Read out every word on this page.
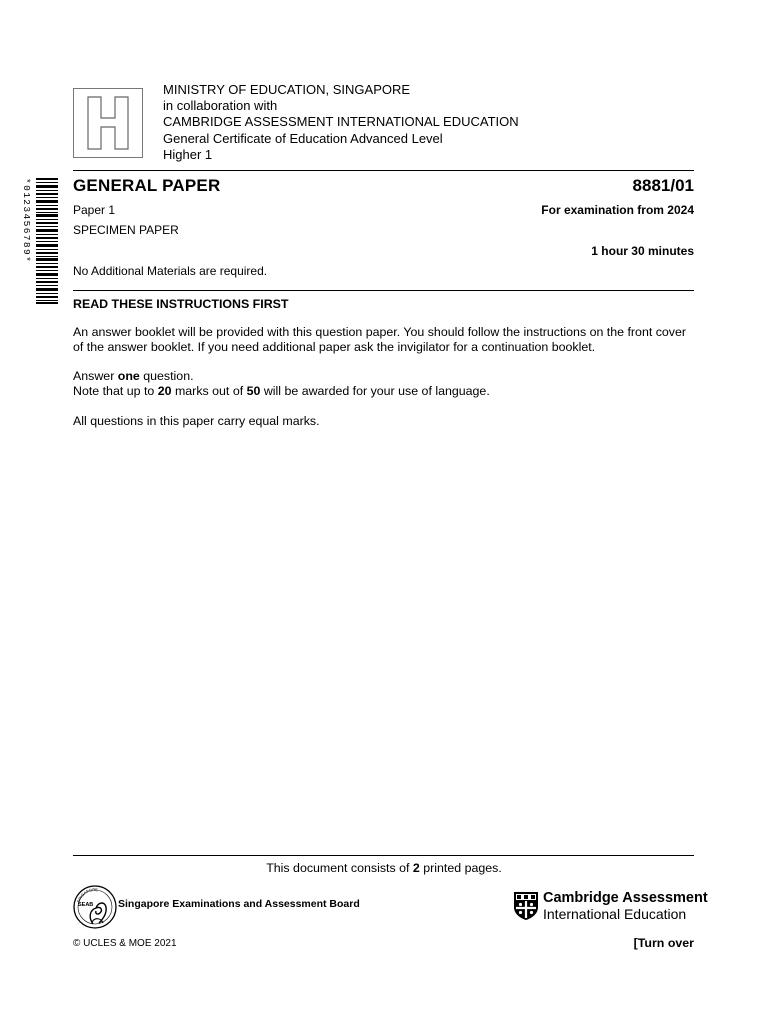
*0123456789*
MINISTRY OF EDUCATION, SINGAPORE
in collaboration with
CAMBRIDGE ASSESSMENT INTERNATIONAL EDUCATION
General Certificate of Education Advanced Level
Higher 1
GENERAL PAPER	8881/01
Paper 1	For examination from 2024
SPECIMEN PAPER
1 hour 30 minutes
No Additional Materials are required.

READ THESE INSTRUCTIONS FIRST

An answer booklet will be provided with this question paper. You should follow the instructions on the front cover of the answer booklet. If you need additional paper ask the invigilator for a continuation booklet.

Answer one question.

Note that up to 20 marks out of 50 will be awarded for your use of language.

All questions in this paper carry equal marks.

This document consists of 2 printed pages.
SINGAPORE
SEAB Singapore Examinations and Assessment Board	Cambridge Assessment
International Education
© UCLES & MOE 2021	[Turn over
